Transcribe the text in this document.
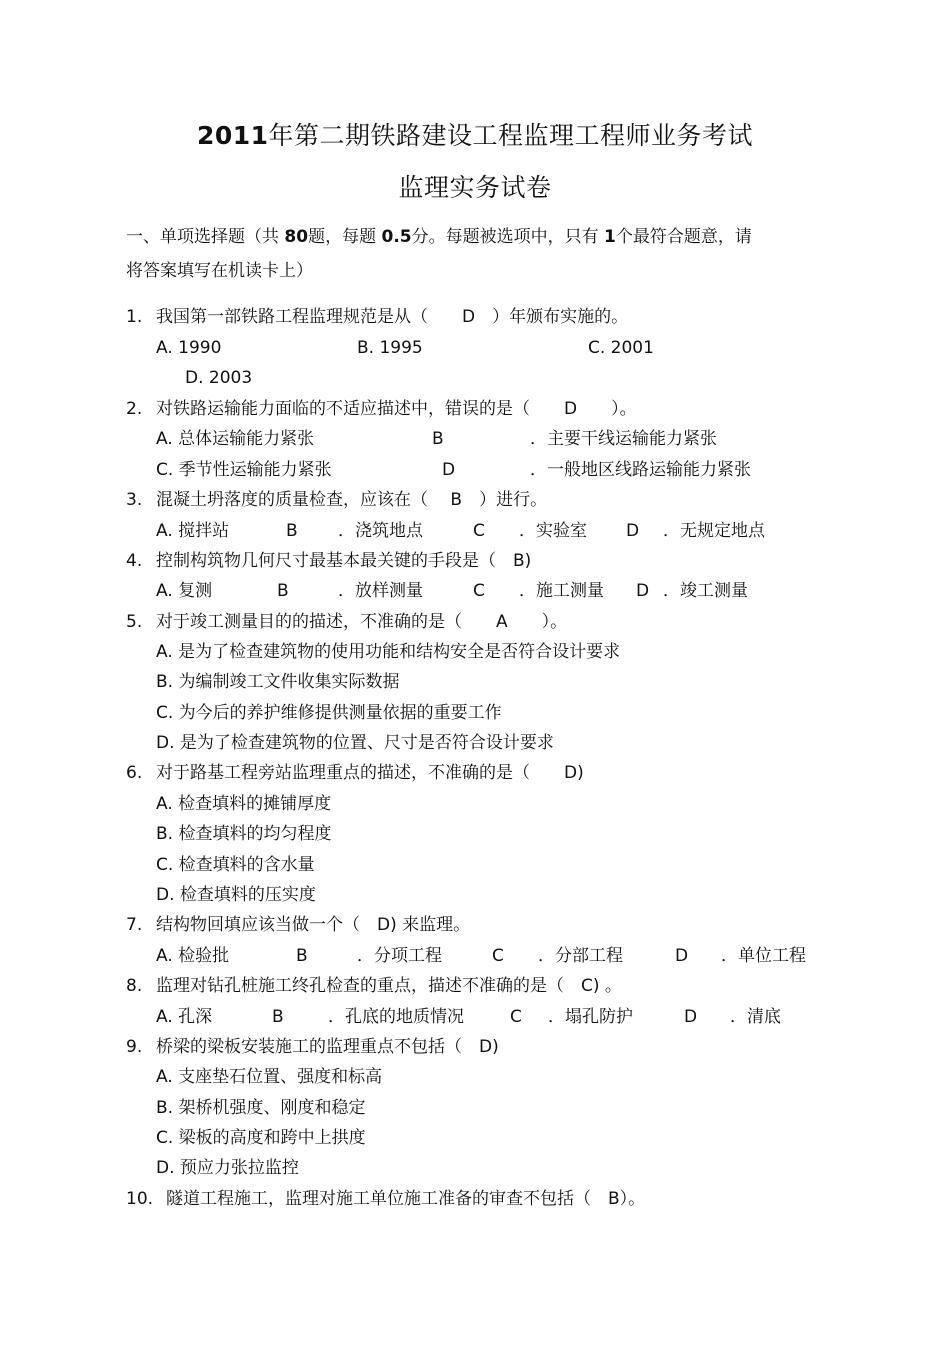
2011年第二期铁路建设工程监理工程师业务考试
监理实务试卷
一、单项选择题（共 80题，每题 0.5分。每题被选项中，只有 1个最符合题意，请
将答案填写在机读卡上）
1. 我国第一部铁路工程监理规范是从（　　D　）年颁布实施的。
A. 1990	B. 1995	C. 2001
D. 2003
2. 对铁路运输能力面临的不适应描述中，错误的是（　　D　　）。
A. 总体运输能力紧张	B	．主要干线运输能力紧张
C. 季节性运输能力紧张	D	．一般地区线路运输能力紧张
3. 混凝土坍落度的质量检查，应该在（　 B　）进行。
A. 搅拌站	B ．浇筑地点	C ．实验室 D ．无规定地点
4. 控制构筑物几何尺寸最基本最关键的手段是（　B)
A. 复测	B	．放样测量	C ．施工测量 D ．竣工测量
5. 对于竣工测量目的的描述，不准确的是（　　A　　）。
A. 是为了检查建筑物的使用功能和结构安全是否符合设计要求
B. 为编制竣工文件收集实际数据
C. 为今后的养护维修提供测量依据的重要工作
D. 是为了检查建筑物的位置、尺寸是否符合设计要求
6. 对于路基工程旁站监理重点的描述，不准确的是（　　D)
A. 检查填料的摊铺厚度
B. 检查填料的均匀程度
C. 检查填料的含水量
D. 检查填料的压实度
7. 结构物回填应该当做一个（　D) 来监理。
A. 检验批	B	．分项工程	C ．分部工程	D ．单位工程
8. 监理对钻孔桩施工终孔检查的重点，描述不准确的是（　C) 。
A. 孔深	B	．孔底的地质情况	C ．塌孔防护	D ．清底
9. 桥梁的梁板安装施工的监理重点不包括（　D)
A. 支座垫石位置、强度和标高
B. 架桥机强度、刚度和稳定
C. 梁板的高度和跨中上拱度
D. 预应力张拉监控
10. 隧道工程施工，监理对施工单位施工准备的审查不包括（　B）。
